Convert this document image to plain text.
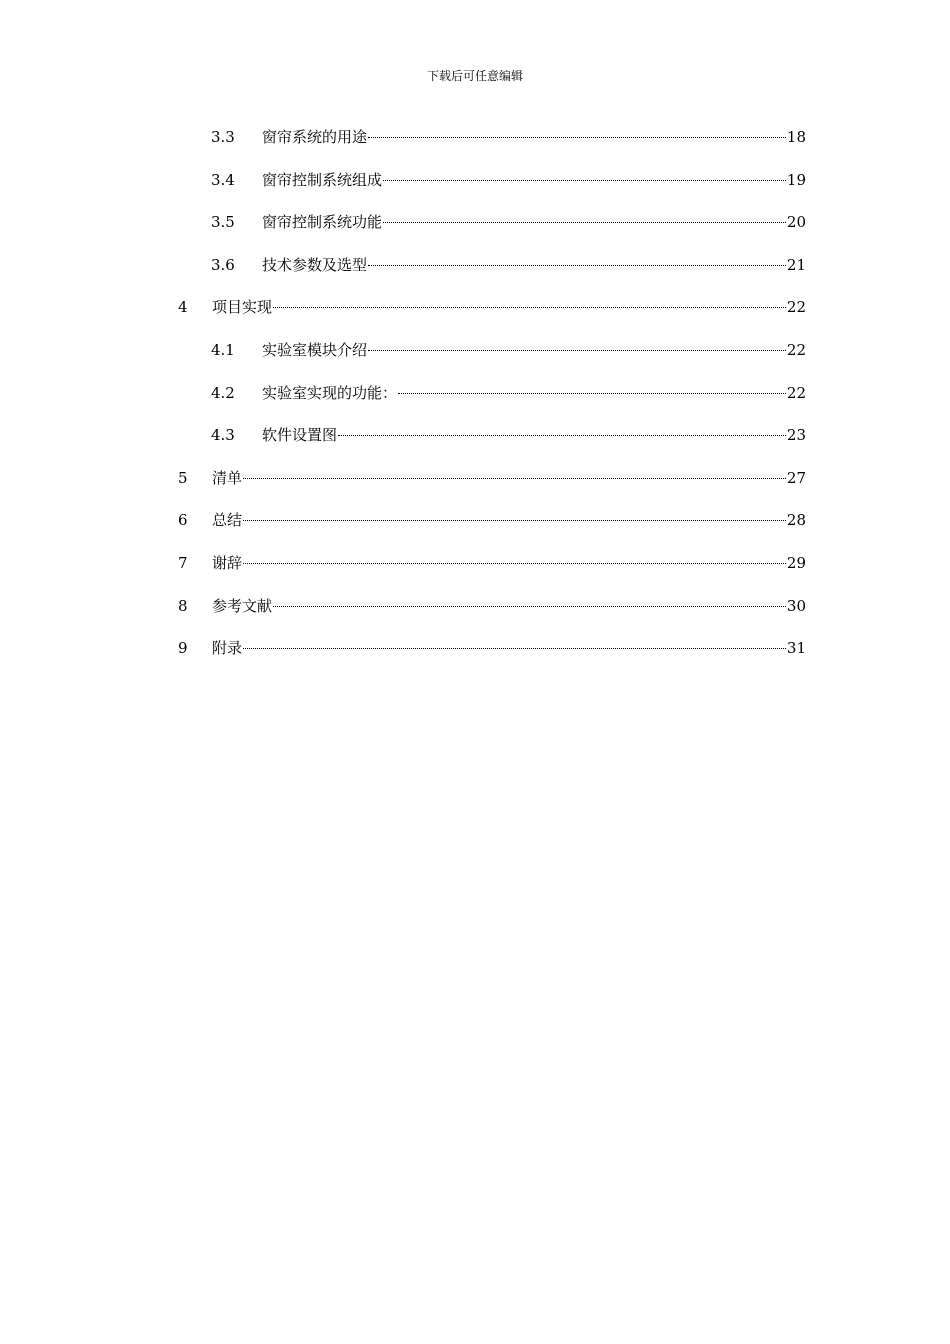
下载后可任意编辑
3.3 窗帘系统的用途	18
3.4 窗帘控制系统组成	19
3.5 窗帘控制系统功能	20
3.6 技术参数及选型	21
4 项目实现	22
4.1 实验室模块介绍	22
4.2 实验室实现的功能：	22
4.3 软件设置图	23
5 清单	27
6 总结	28
7 谢辞	29
8 参考文献	30
9 附录	31
